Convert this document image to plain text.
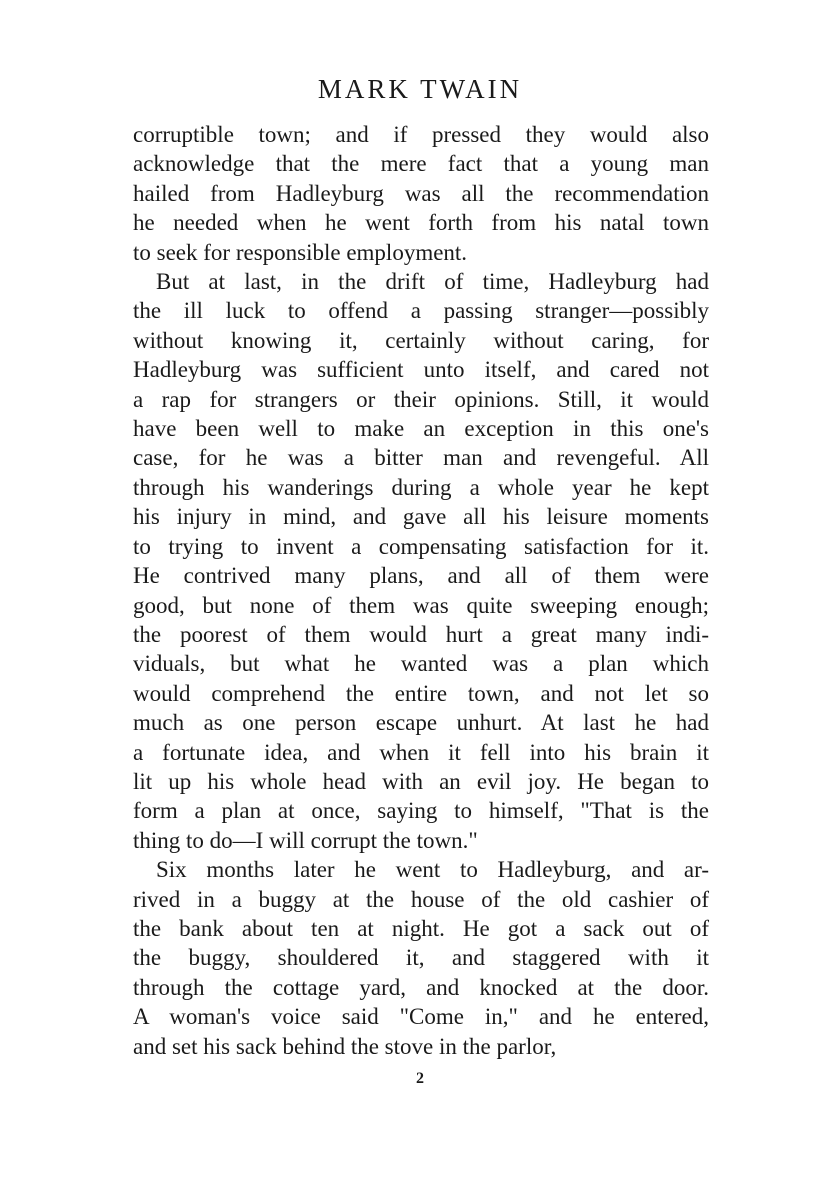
MARK TWAIN
corruptible town; and if pressed they would also
acknowledge that the mere fact that a young man
hailed from Hadleyburg was all the recommendation
he needed when he went forth from his natal town
to seek for responsible employment.
But at last, in the drift of time, Hadleyburg had
the ill luck to offend a passing stranger—possibly
without knowing it, certainly without caring, for
Hadleyburg was sufficient unto itself, and cared not
a rap for strangers or their opinions. Still, it would
have been well to make an exception in this one's
case, for he was a bitter man and revengeful. All
through his wanderings during a whole year he kept
his injury in mind, and gave all his leisure moments
to trying to invent a compensating satisfaction for it.
He contrived many plans, and all of them were
good, but none of them was quite sweeping enough;
the poorest of them would hurt a great many indi-
viduals, but what he wanted was a plan which
would comprehend the entire town, and not let so
much as one person escape unhurt. At last he had
a fortunate idea, and when it fell into his brain it
lit up his whole head with an evil joy. He began to
form a plan at once, saying to himself, "That is the
thing to do—I will corrupt the town."
Six months later he went to Hadleyburg, and ar-
rived in a buggy at the house of the old cashier of
the bank about ten at night. He got a sack out of
the buggy, shouldered it, and staggered with it
through the cottage yard, and knocked at the door.
A woman's voice said "Come in," and he entered,
and set his sack behind the stove in the parlor,
2
